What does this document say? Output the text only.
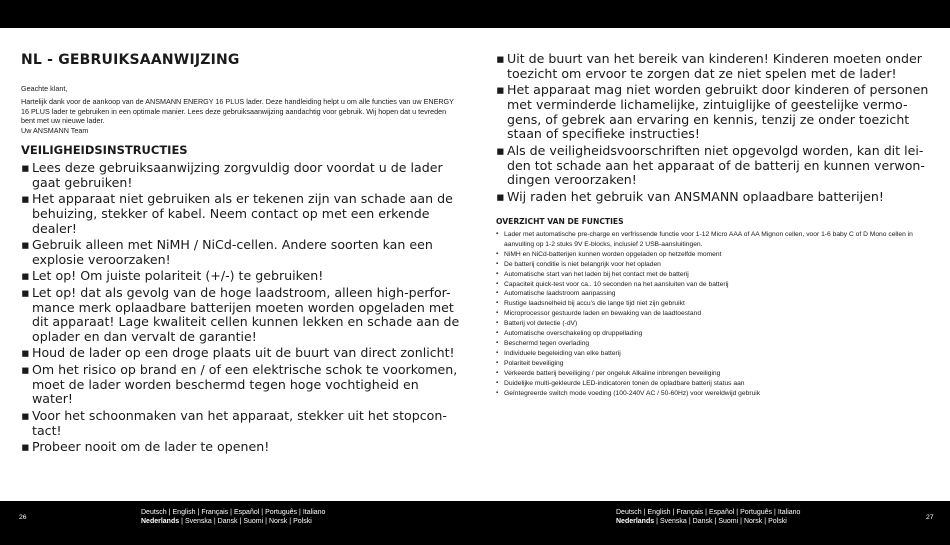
NL - GEBRUIKSAANWIJZING

Geachte klant,

Hartelijk dank voor de aankoop van de ANSMANN ENERGY 16 PLUS lader. Deze handleiding helpt u om alle functies van uw ENERGY 16 PLUS lader te gebruiken in een optimale manier. Lees deze gebruiksaanwijzing aandachtig voor gebruik. Wij hopen dat u tevreden bent met uw nieuwe lader.

Uw ANSMANN Team

VEILIGHEIDSINSTRUCTIES
▪ Lees deze gebruiksaanwijzing zorgvuldig door voordat u de lader gaat gebruiken!
▪ Het apparaat niet gebruiken als er tekenen zijn van schade aan de behuizing, stekker of kabel. Neem contact op met een erkende dealer!
▪ Gebruik alleen met NiMH / NiCd-cellen. Andere soorten kan een explosie veroorzaken!
▪ Let op! Om juiste polariteit (+/-) te gebruiken!
▪ Let op! dat als gevolg van de hoge laadstroom, alleen high-perfor-mance merk oplaadbare batterijen moeten worden opgeladen met dit apparaat! Lage kwaliteit cellen kunnen lekken en schade aan de oplader en dan vervalt de garantie!
▪ Houd de lader op een droge plaats uit de buurt van direct zonlicht!
▪ Om het risico op brand en / of een elektrische schok te voorkomen, moet de lader worden beschermd tegen hoge vochtigheid en water!
▪ Voor het schoonmaken van het apparaat, stekker uit het stopcon-tact!
▪ Probeer nooit om de lader te openen!
▪ Uit de buurt van het bereik van kinderen! Kinderen moeten onder toezicht om ervoor te zorgen dat ze niet spelen met de lader!
▪ Het apparaat mag niet worden gebruikt door kinderen of personen met verminderde lichamelijke, zintuiglijke of geestelijke vermo-gens, of gebrek aan ervaring en kennis, tenzij ze onder toezicht staan of specifieke instructies!
▪ Als de veiligheidsvoorschriften niet opgevolgd worden, kan dit lei-den tot schade aan het apparaat of de batterij en kunnen verwon-dingen veroorzaken!
▪ Wij raden het gebruik van ANSMANN oplaadbare batterijen!
OVERZICHT VAN DE FUNCTIES
▪ Lader met automatische pre-charge en verfrissende functie voor 1-12 Micro AAA of AA Mignon cellen, voor 1-6 baby C of D Mono cellen in aanvulling op 1-2 stuks 9V E-blocks, inclusief 2 USB-aansluitingen.
▪ NiMH en NiCd-batterijen kunnen worden opgeladen op hetzelfde moment
▪ De batterij conditie is niet belangrijk voor het opladen
▪ Automatische start van het laden bij het contact met de batterij
▪ Capaciteit quick-test voor ca.. 10 seconden na het aansluiten van de batterij
▪ Automatische laadstroom aanpassing
▪ Rustige laadsnelheid bij accu's die lange tijd niet zijn gebruikt
▪ Microprocessor gestuurde laden en bewaking van de laadtoestand
▪ Batterij vol detectie (-dV)
▪ Automatische overschakeling op druppellading
▪ Beschermd tegen overlading
▪ Individuele begeleiding van elke batterij
▪ Polariteit beveiliging
▪ Verkeerde batterij beveiliging / per ongeluk Alkaline inbrengen beveiliging
▪ Duidelijke multi-gekleurde LED-indicatoren tonen de opladbare batterij status aan
▪ Geïntegreerde switch mode voeding (100-240V AC / 50-60Hz) voor wereldwijd gebruik
26	27
Deutsch | English | Français | Español | Português | Italiano
Nederlands | Svenska | Dansk | Suomi | Norsk | Polski
Deutsch | English | Français | Español | Português | Italiano
Nederlands | Svenska | Dansk | Suomi | Norsk | Polski
